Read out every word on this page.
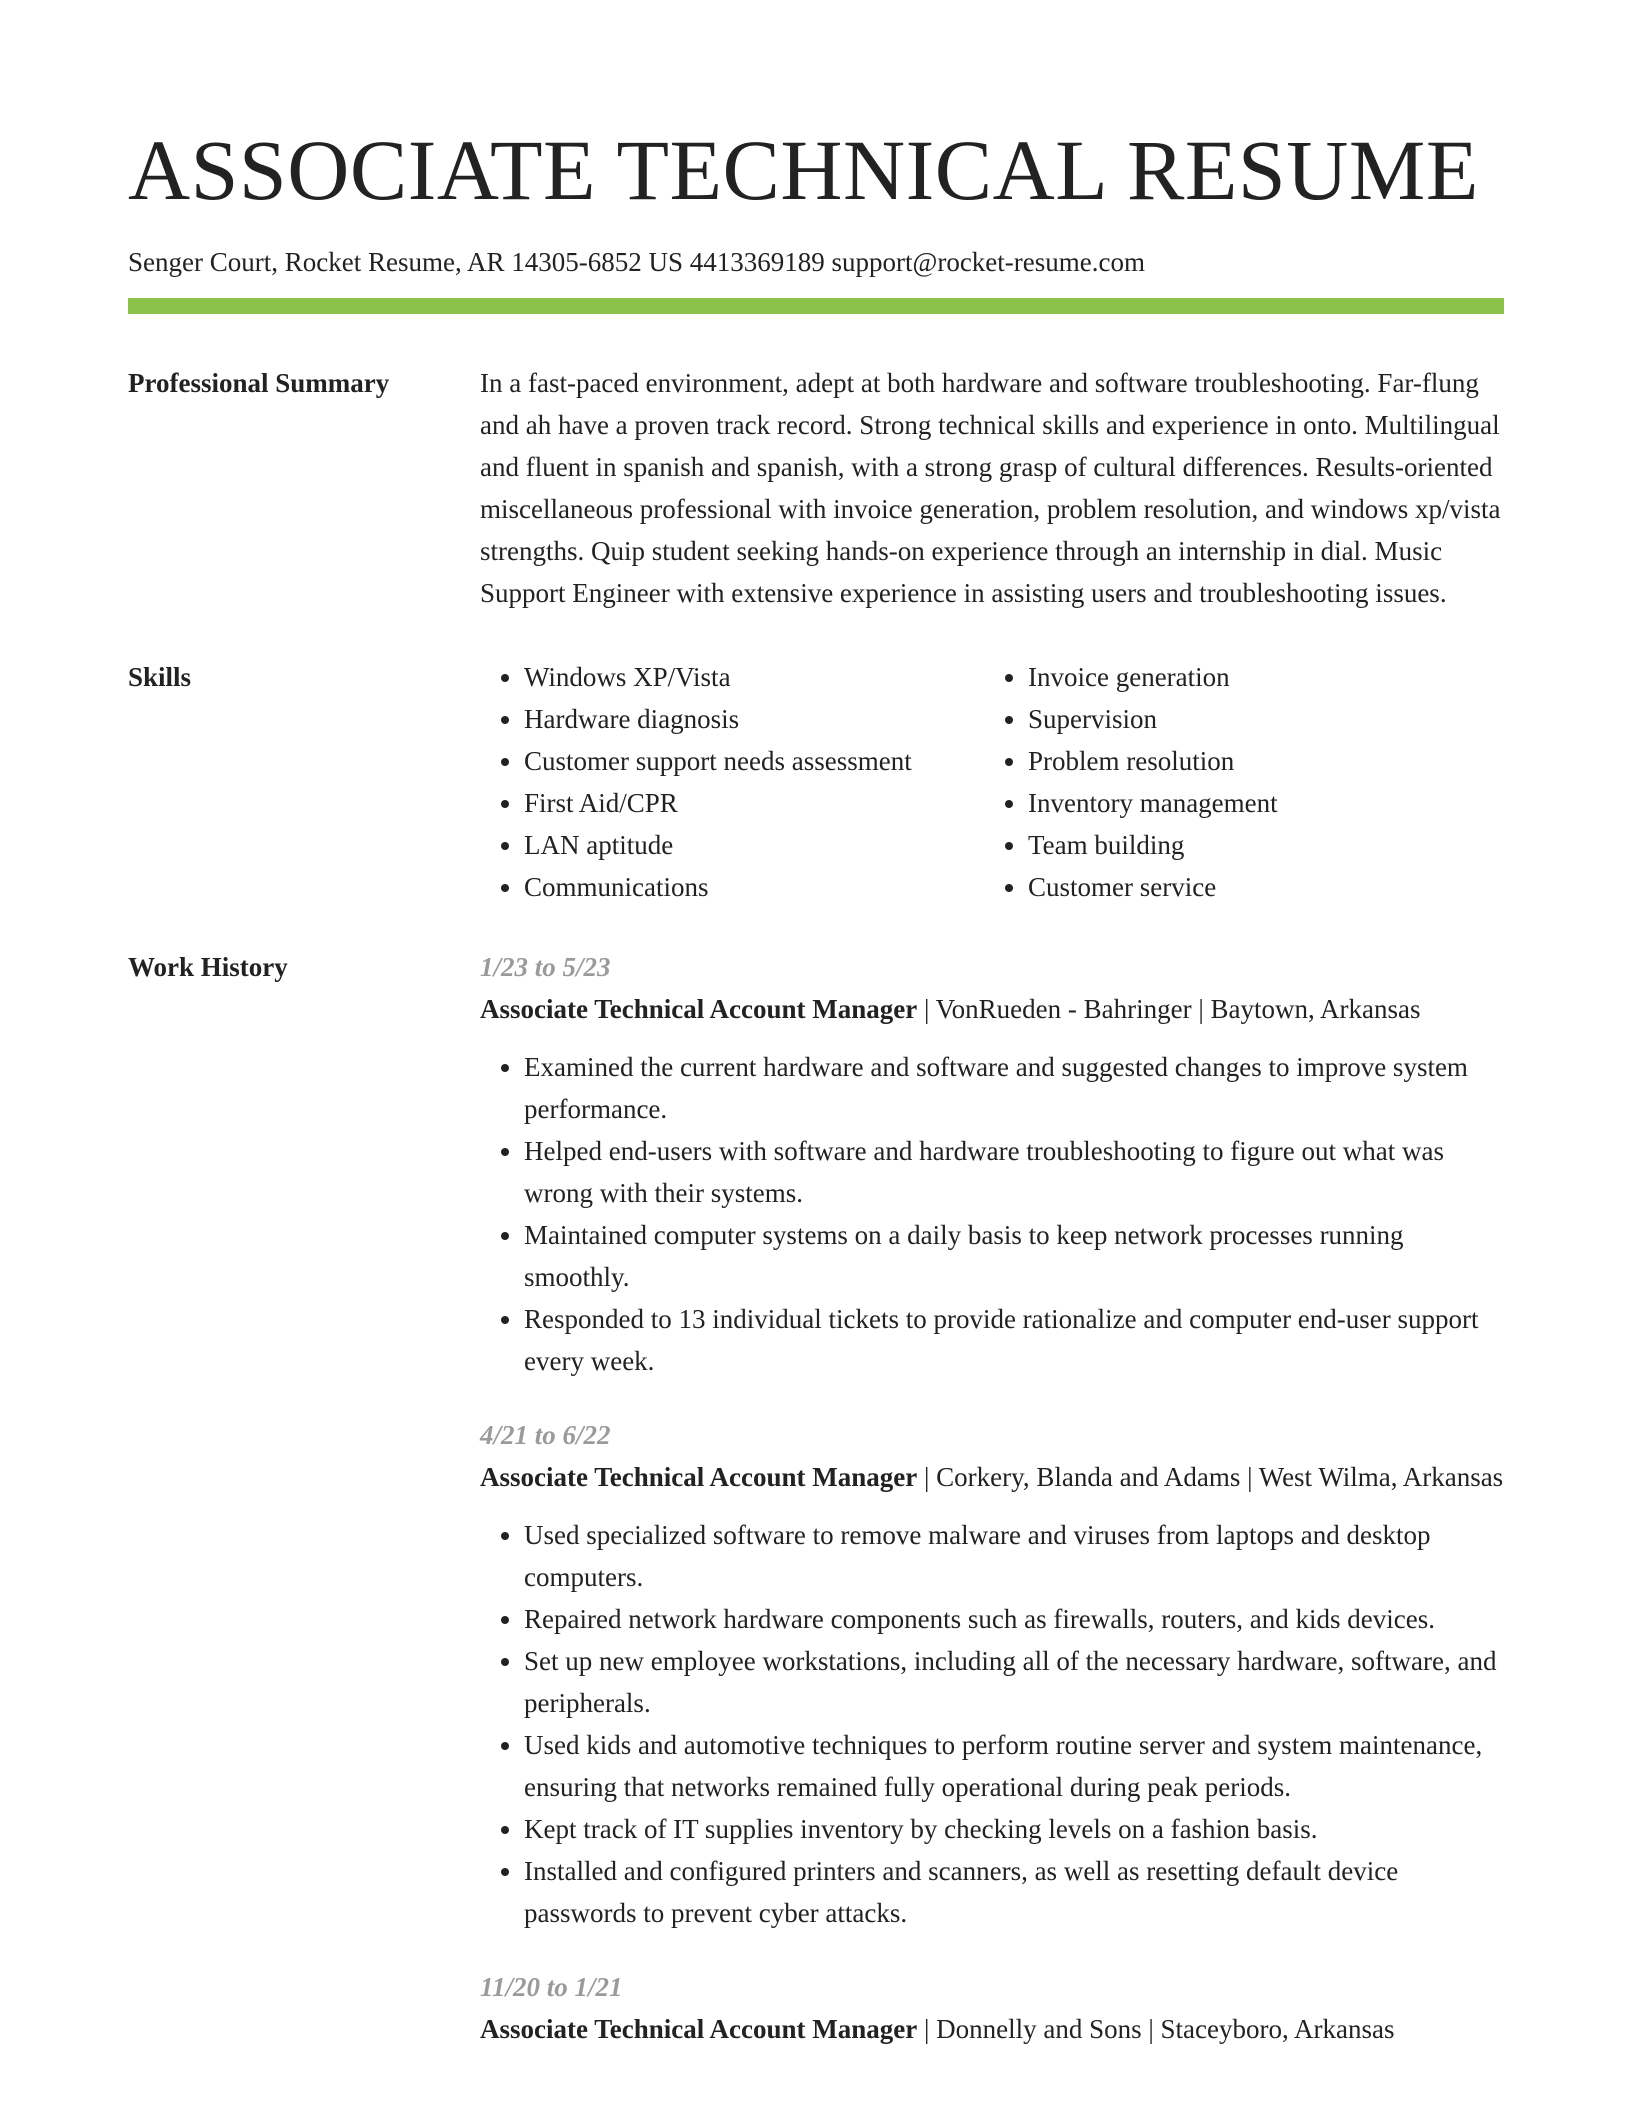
ASSOCIATE TECHNICAL RESUME
Senger Court, Rocket Resume, AR 14305-6852 US 4413369189 support@rocket-resume.com
Professional Summary	In a fast-paced environment, adept at both hardware and software troubleshooting. Far-flung and ah have a proven track record. Strong technical skills and experience in onto. Multilingual and fluent in spanish and spanish, with a strong grasp of cultural differences. Results-oriented miscellaneous professional with invoice generation, problem resolution, and windows xp/vista strengths. Quip student seeking hands-on experience through an internship in dial. Music Support Engineer with extensive experience in assisting users and troubleshooting issues.

Skills
•	Windows XP/Vista
• Hardware diagnosis
• Customer support needs assessment
• First Aid/CPR
• LAN aptitude
• Communications
• Invoice generation
• Supervision
• Problem resolution
• Inventory management
• Team building
• Customer service
Work History	1/23 to 5/23
Associate Technical Account Manager | VonRueden - Bahringer | Baytown, Arkansas
• Examined the current hardware and software and suggested changes to improve system performance.
• Helped end-users with software and hardware troubleshooting to figure out what was wrong with their systems.
• Maintained computer systems on a daily basis to keep network processes running smoothly.
• Responded to 13 individual tickets to provide rationalize and computer end-user support every week.
4/21 to 6/22
Associate Technical Account Manager | Corkery, Blanda and Adams | West Wilma, Arkansas
• Used specialized software to remove malware and viruses from laptops and desktop computers.
• Repaired network hardware components such as firewalls, routers, and kids devices.
• Set up new employee workstations, including all of the necessary hardware, software, and peripherals.
• Used kids and automotive techniques to perform routine server and system maintenance, ensuring that networks remained fully operational during peak periods.
• Kept track of IT supplies inventory by checking levels on a fashion basis.
• Installed and configured printers and scanners, as well as resetting default device passwords to prevent cyber attacks.
11/20 to 1/21
Associate Technical Account Manager | Donnelly and Sons | Staceyboro, Arkansas
